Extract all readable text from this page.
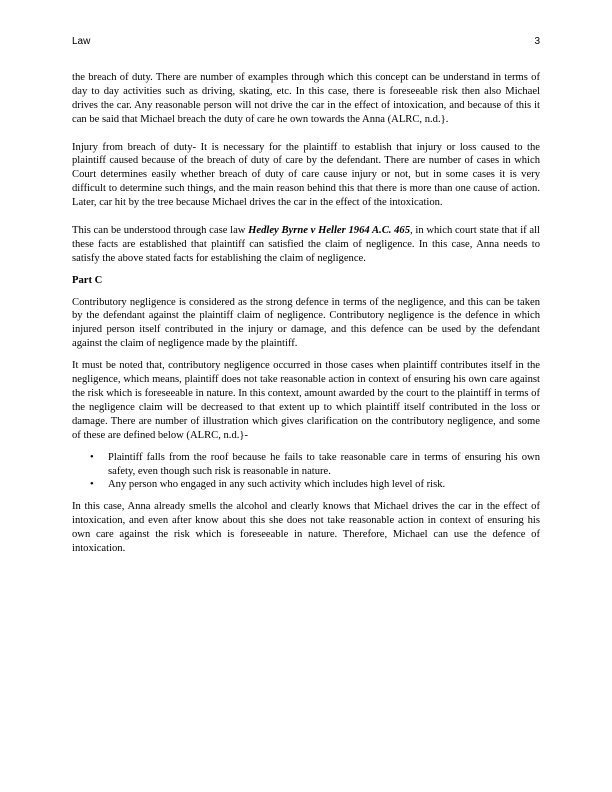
Law	3

the breach of duty. There are number of examples through which this concept can be understand in terms of day to day activities such as driving, skating, etc. In this case, there is foreseeable risk then also Michael drives the car. Any reasonable person will not drive the car in the effect of intoxication, and because of this it can be said that Michael breach the duty of care he own towards the Anna (ALRC, n.d.}.

Injury from breach of duty- It is necessary for the plaintiff to establish that injury or loss caused to the plaintiff caused because of the breach of duty of care by the defendant. There are number of cases in which Court determines easily whether breach of duty of care cause injury or not, but in some cases it is very difficult to determine such things, and the main reason behind this that there is more than one cause of action. Later, car hit by the tree because Michael drives the car in the effect of the intoxication.

This can be understood through case law Hedley Byrne v Heller 1964 A.C. 465, in which court state that if all these facts are established that plaintiff can satisfied the claim of negligence. In this case, Anna needs to satisfy the above stated facts for establishing the claim of negligence.

Part C

Contributory negligence is considered as the strong defence in terms of the negligence, and this can be taken by the defendant against the plaintiff claim of negligence. Contributory negligence is the defence in which injured person itself contributed in the injury or damage, and this defence can be used by the defendant against the claim of negligence made by the plaintiff.

It must be noted that, contributory negligence occurred in those cases when plaintiff contributes itself in the negligence, which means, plaintiff does not take reasonable action in context of ensuring his own care against the risk which is foreseeable in nature. In this context, amount awarded by the court to the plaintiff in terms of the negligence claim will be decreased to that extent up to which plaintiff itself contributed in the loss or damage. There are number of illustration which gives clarification on the contributory negligence, and some of these are defined below (ALRC, n.d.}-

• Plaintiff falls from the roof because he fails to take reasonable care in terms of ensuring his own safety, even though such risk is reasonable in nature.
• Any person who engaged in any such activity which includes high level of risk.

In this case, Anna already smells the alcohol and clearly knows that Michael drives the car in the effect of intoxication, and even after know about this she does not take reasonable action in context of ensuring his own care against the risk which is foreseeable in nature. Therefore, Michael can use the defence of intoxication.
